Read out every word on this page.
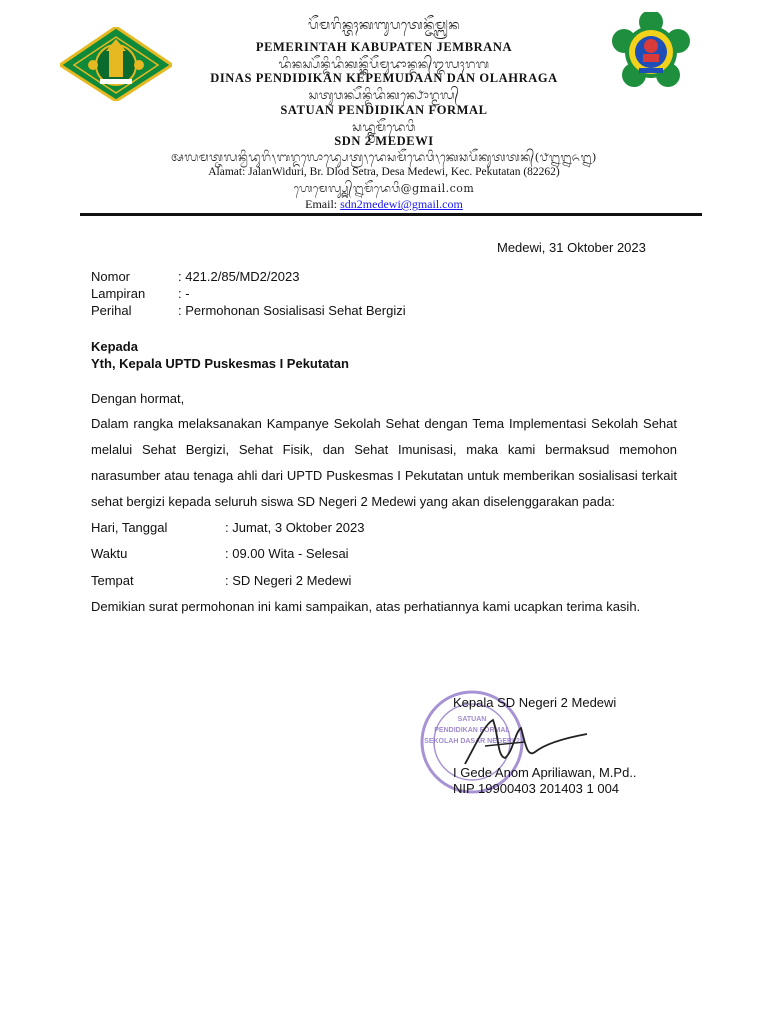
ᬧᭂᬫᬭᬶᬦ᭄ᬢᬄᬓᬩᬸᬧᬢᬾᬦ᭄ᬚᭂᬫ᭄ᬩ᭄ᬭᬦ
PEMERINTAH KABUPATEN JEMBRANA
ᬤᬶᬦᬲ᭄ᬧᭂᬦ᭄ᬤᬶᬤᬶᬓᬦ᭄ᬓᭂᬧᭂᬫᬸᬤᬵᬦ᭄ᬤᬦ᭄ᬑᬮᬄᬭᬕ
DINAS PENDIDIKAN KEPEMUDAAN DAN OLAHRAGA
ᬲᬢᬸᬯᬦ᭄ᬧᭂᬦ᭄ᬤᬶᬤᬶᬓᬦ᭄ᬨᭀᬭ᭄ᬫᬮ᭄
SATUAN PENDIDIKAN FORMAL
ᬲᬤ᭄ᬦ᭄ᬤ᭄ᬯᬫᭂᬤᬾᬯᬶ
SDN 2 MEDEWI
ᬅᬮᬫᬢ᭄ᬚᬮᬦ᭄ᬯᬶᬤᬸᬭᬶ᭞ᬩᬭ᭄ᬤᬮᭀᬤ᭄ᬲᬾᬢ᭄ᬭ᭞ᬤᬾᬲᬫᭂᬤᬾᬯᬶ᭞ᬓᬾᬘᬧᭂᬓᬸᬢᬢᬦ᭄(᭘᭒᭒᭖᭒)
Alamat: JalanWiduri, Br. Dlod Setra, Desa Medewi, Kec. Pekutatan (82262)
ᬳᬾᬫᬾᬮ᭄ᬲ᭄ᬤ᭄ᬦ᭄᭒ᬫᭂᬤᬾᬯᬶ@gmail.com
Email: sdn2medewi@gmail.com
Medewi, 31 Oktober 2023
Nomor	: 421.2/85/MD2/2023
Lampiran	: -
Perihal	: Permohonan Sosialisasi Sehat Bergizi
Kepada
Yth, Kepala UPTD Puskesmas I Pekutatan
Dengan hormat,
Dalam rangka melaksanakan Kampanye Sekolah Sehat dengan Tema Implementasi Sekolah Sehat melalui Sehat Bergizi, Sehat Fisik, dan Sehat Imunisasi, maka kami bermaksud memohon narasumber atau tenaga ahli dari UPTD Puskesmas I Pekutatan untuk memberikan sosialisasi terkait sehat bergizi kepada seluruh siswa SD Negeri 2 Medewi yang akan diselenggarakan pada:
Hari, Tanggal	: Jumat, 3 Oktober 2023
Waktu	: 09.00 Wita - Selesai
Tempat	: SD Negeri 2 Medewi
Demikian surat permohonan ini kami sampaikan, atas perhatiannya kami ucapkan terima kasih.
SATUAN
PENDIDIKAN FORMAL
SEKOLAH DASAR NEGERI 2
Kepala SD Negeri 2 Medewi
I Gede Anom Apriliawan, M.Pd..
NIP 19900403 201403 1 004
